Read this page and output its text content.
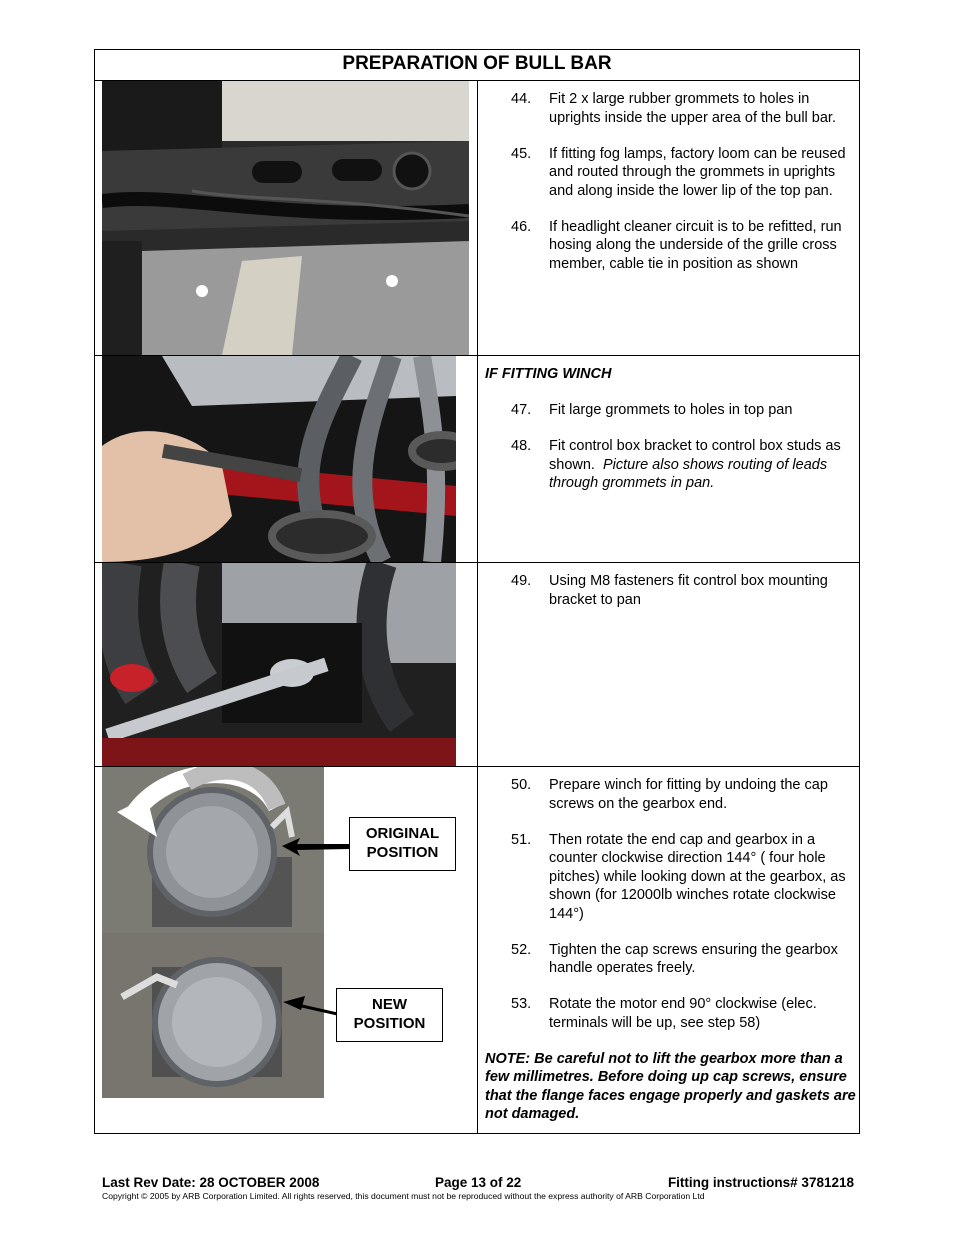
PREPARATION OF BULL BAR
ORIGINAL
POSITION
NEW
POSITION
44. Fit 2 x large rubber grommets to holes in uprights inside the upper area of the bull bar.
45. If fitting fog lamps, factory loom can be reused and routed through the grommets in uprights and along inside the lower lip of the top pan.
46. If headlight cleaner circuit is to be refitted, run hosing along the underside of the grille cross member, cable tie in position as shown
IF FITTING WINCH
47. Fit large grommets to holes in top pan
48. Fit control box bracket to control box studs as shown. Picture also shows routing of leads through grommets in pan.
49. Using M8 fasteners fit control box mounting bracket to pan
50. Prepare winch for fitting by undoing the cap screws on the gearbox end.
51. Then rotate the end cap and gearbox in a counter clockwise direction 144° ( four hole pitches) while looking down at the gearbox, as shown (for 12000lb winches rotate clockwise 144°)
52. Tighten the cap screws ensuring the gearbox handle operates freely.
53. Rotate the motor end 90° clockwise (elec. terminals will be up, see step 58)
NOTE: Be careful not to lift the gearbox more than a few millimetres. Before doing up cap screws, ensure that the flange faces engage properly and gaskets are not damaged.
Last Rev Date: 28 OCTOBER 2008	Page 13 of 22	Fitting instructions# 3781218
Copyright © 2005 by ARB Corporation Limited. All rights reserved, this document must not be reproduced without the express authority of ARB Corporation Ltd
